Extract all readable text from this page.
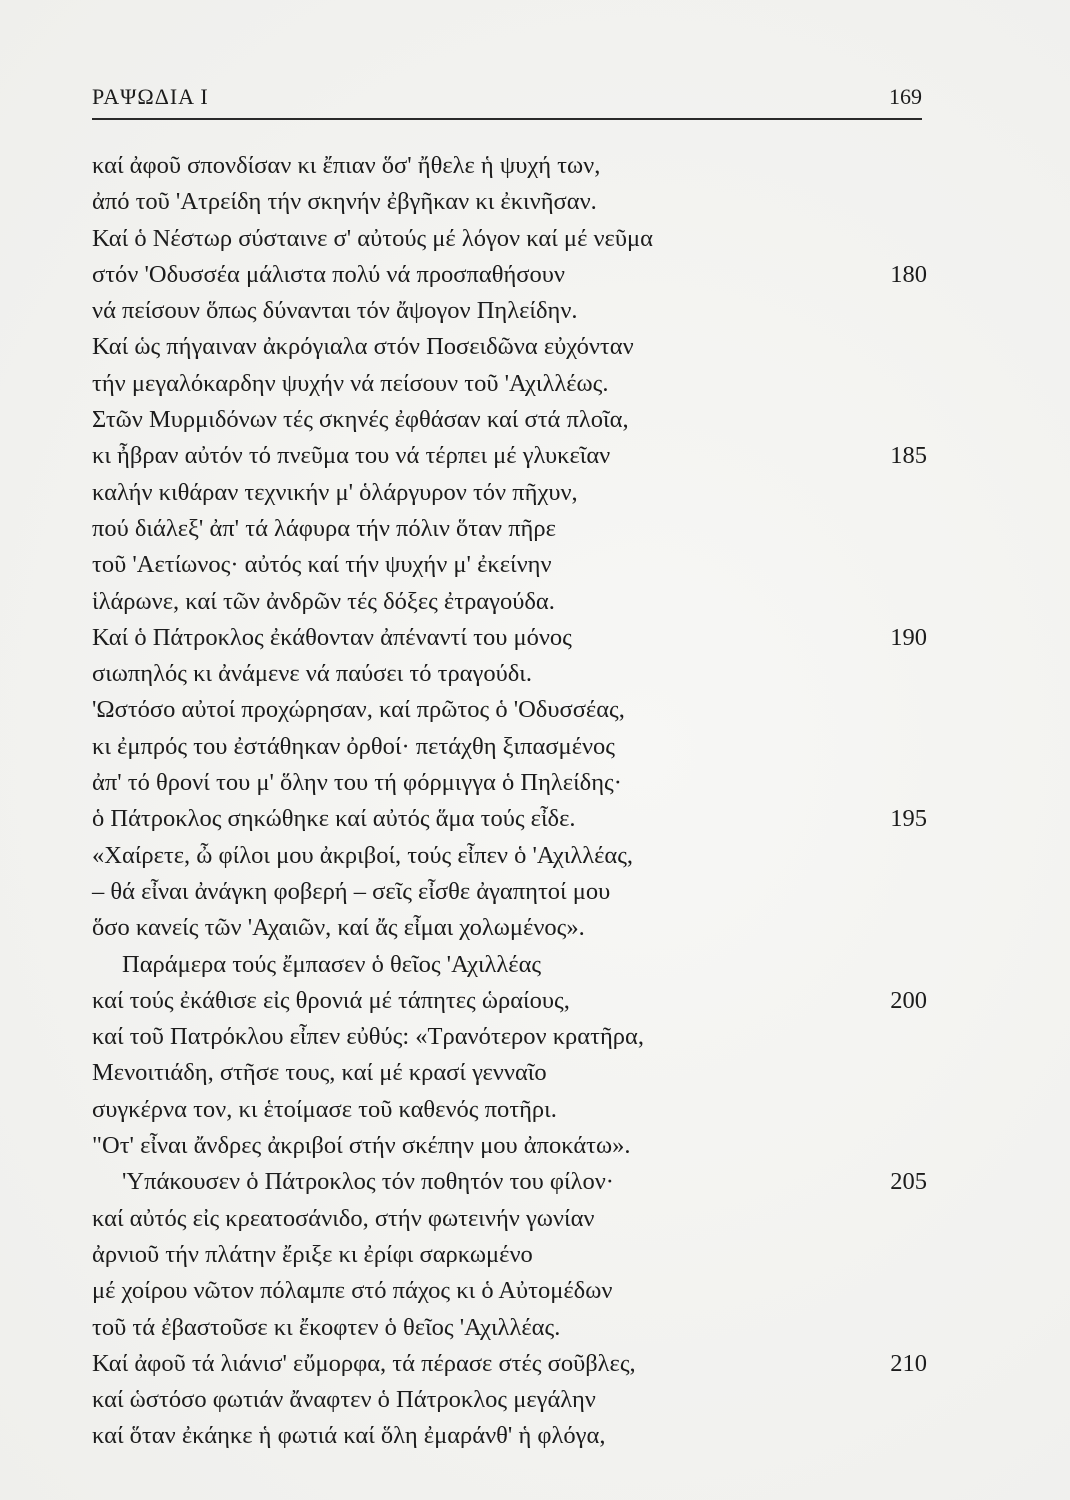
ΡΑΨΩΔΙΑ Ι	169
καί ἀφοῦ σπονδίσαν κι ἔπιαν ὅσ' ἤθελε ἡ ψυχή των,
ἀπό τοῦ 'Ατρείδη τήν σκηνήν ἐβγῆκαν κι ἐκινῆσαν.
Καί ὁ Νέστωρ σύσταινε σ' αὐτούς μέ λόγον καί μέ νεῦμα
στόν 'Οδυσσέα μάλιστα πολύ νά προσπαθήσουν	180
νά πείσουν ὅπως δύνανται τόν ἄψογον Πηλείδην.
Καί ὡς πήγαιναν ἀκρόγιαλα στόν Ποσειδῶνα εὐχόνταν
τήν μεγαλόκαρδην ψυχήν νά πείσουν τοῦ 'Αχιλλέως.
Στῶν Μυρμιδόνων τές σκηνές ἐφθάσαν καί στά πλοῖα,
κι ἦβραν αὐτόν τό πνεῦμα του νά τέρπει μέ γλυκεῖαν	185
καλήν κιθάραν τεχνικήν μ' ὁλάργυρον τόν πῆχυν,
πού διάλεξ' ἀπ' τά λάφυρα τήν πόλιν ὅταν πῆρε
τοῦ 'Αετίωνος· αὐτός καί τήν ψυχήν μ' ἐκείνην
ἱλάρωνε, καί τῶν ἀνδρῶν τές δόξες ἐτραγούδα.
Καί ὁ Πάτροκλος ἐκάθονταν ἀπέναντί του μόνος	190
σιωπηλός κι ἀνάμενε νά παύσει τό τραγούδι.
'Ωστόσο αὐτοί προχώρησαν, καί πρῶτος ὁ 'Οδυσσέας,
κι ἐμπρός του ἐστάθηκαν ὀρθοί· πετάχθη ξιπασμένος
ἀπ' τό θρονί του μ' ὅλην του τή φόρμιγγα ὁ Πηλείδης·
ὁ Πάτροκλος σηκώθηκε καί αὐτός ἅμα τούς εἶδε.	195
«Χαίρετε, ὦ φίλοι μου ἀκριβοί, τούς εἶπεν ὁ 'Αχιλλέας,
– θά εἶναι ἀνάγκη φοβερή – σεῖς εἶσθε ἀγαπητοί μου
ὅσο κανείς τῶν 'Αχαιῶν, καί ἄς εἶμαι χολωμένος».
Παράμερα τούς ἔμπασεν ὁ θεῖος 'Αχιλλέας
καί τούς ἐκάθισε εἰς θρονιά μέ τάπητες ὡραίους,	200
καί τοῦ Πατρόκλου εἶπεν εὐθύς: «Τρανότερον κρατῆρα,
Μενοιτιάδη, στῆσε τους, καί μέ κρασί γενναῖο
συγκέρνα τον, κι ἑτοίμασε τοῦ καθενός ποτῆρι.
"Οτ' εἶναι ἄνδρες ἀκριβοί στήν σκέπην μου ἀποκάτω».
'Υπάκουσεν ὁ Πάτροκλος τόν ποθητόν του φίλον·	205
καί αὐτός εἰς κρεατοσάνιδο, στήν φωτεινήν γωνίαν
ἀρνιοῦ τήν πλάτην ἔριξε κι ἐρίφι σαρκωμένο
μέ χοίρου νῶτον πόλαμπε στό πάχος κι ὁ Αὐτομέδων
τοῦ τά ἐβαστοῦσε κι ἔκοφτεν ὁ θεῖος 'Αχιλλέας.
Καί ἀφοῦ τά λιάνισ' εὔμορφα, τά πέρασε στές σοῦβλες,	210
καί ὡστόσο φωτιάν ἄναφτεν ὁ Πάτροκλος μεγάλην
καί ὅταν ἐκάηκε ἡ φωτιά καί ὅλη ἐμαράνθ' ἡ φλόγα,
